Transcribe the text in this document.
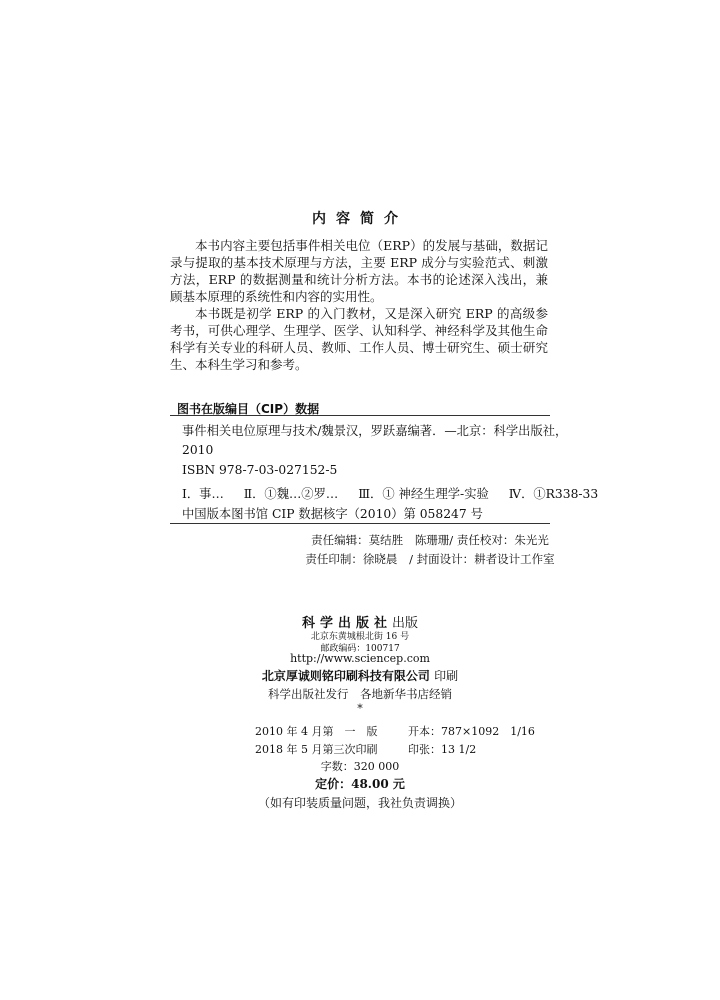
内容简介

本书内容主要包括事件相关电位（ERP）的发展与基础，数据记录与提取的基本技术原理与方法，主要 ERP 成分与实验范式、刺激方法，ERP 的数据测量和统计分析方法。本书的论述深入浅出，兼顾基本原理的系统性和内容的实用性。

本书既是初学 ERP 的入门教材，又是深入研究 ERP 的高级参考书，可供心理学、生理学、医学、认知科学、神经科学及其他生命科学有关专业的科研人员、教师、工作人员、博士研究生、硕士研究生、本科生学习和参考。

图书在版编目（CIP）数据
事件相关电位原理与技术/魏景汉，罗跃嘉编著．—北京：科学出版社，
2010
ISBN 978-7-03-027152-5
Ⅰ．事… Ⅱ．①魏…②罗… Ⅲ．① 神经生理学-实验 Ⅳ．①R338-33
中国版本图书馆 CIP 数据核字（2010）第 058247 号
责任编辑：莫结胜 陈珊珊/ 责任校对：朱光光
责任印制：徐晓晨 / 封面设计：耕者设计工作室
科学出版社出版
北京东黄城根北街 16 号
邮政编码：100717
http://www.sciencep.com
北京厚诚则铭印刷科技有限公司 印刷
科学出版社发行　各地新华书店经销
*
2010 年 4 月第　一　版	开本：787×1092　1/16
2018 年 5 月第三次印刷	印张：13 1/2
字数：320 000
定价：48.00 元
（如有印装质量问题，我社负责调换）
